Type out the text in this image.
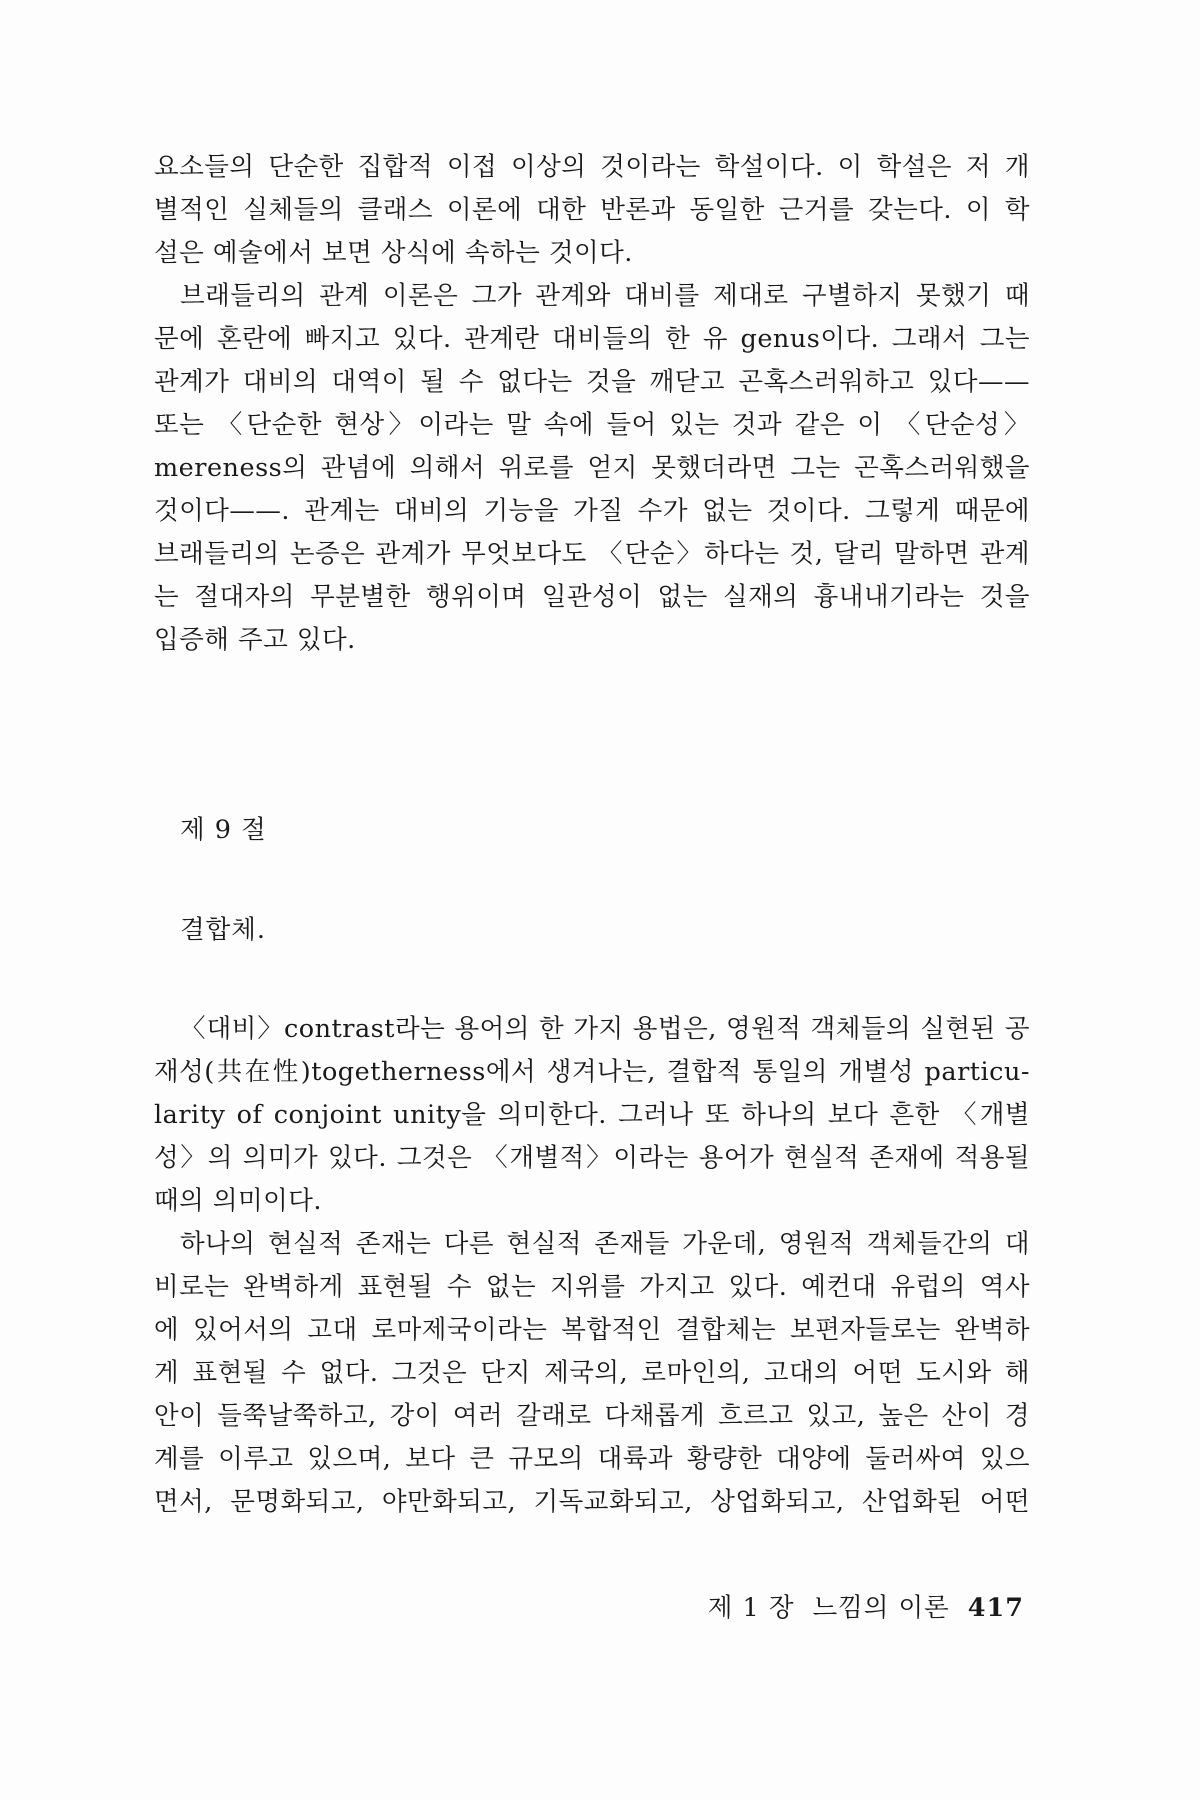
요소들의 단순한 집합적 이접 이상의 것이라는 학설이다. 이 학설은 저 개
별적인 실체들의 클래스 이론에 대한 반론과 동일한 근거를 갖는다. 이 학
설은 예술에서 보면 상식에 속하는 것이다.
브래들리의 관계 이론은 그가 관계와 대비를 제대로 구별하지 못했기 때
문에 혼란에 빠지고 있다. 관계란 대비들의 한 유 genus이다. 그래서 그는
관계가 대비의 대역이 될 수 없다는 것을 깨닫고 곤혹스러워하고 있다——
또는 〈단순한 현상〉이라는 말 속에 들어 있는 것과 같은 이 〈단순성〉
mereness의 관념에 의해서 위로를 얻지 못했더라면 그는 곤혹스러워했을
것이다——. 관계는 대비의 기능을 가질 수가 없는 것이다. 그렇게 때문에
브래들리의 논증은 관계가 무엇보다도 〈단순〉하다는 것, 달리 말하면 관계
는 절대자의 무분별한 행위이며 일관성이 없는 실재의 흉내내기라는 것을
입증해 주고 있다.
제 9 절
결합체.
〈대비〉contrast라는 용어의 한 가지 용법은, 영원적 객체들의 실현된 공
재성(共在性)togetherness에서 생겨나는, 결합적 통일의 개별성 particu-
larity of conjoint unity을 의미한다. 그러나 또 하나의 보다 흔한 〈개별
성〉의 의미가 있다. 그것은 〈개별적〉이라는 용어가 현실적 존재에 적용될
때의 의미이다.
하나의 현실적 존재는 다른 현실적 존재들 가운데, 영원적 객체들간의 대
비로는 완벽하게 표현될 수 없는 지위를 가지고 있다. 예컨대 유럽의 역사
에 있어서의 고대 로마제국이라는 복합적인 결합체는 보편자들로는 완벽하
게 표현될 수 없다. 그것은 단지 제국의, 로마인의, 고대의 어떤 도시와 해
안이 들쭉날쭉하고, 강이 여러 갈래로 다채롭게 흐르고 있고, 높은 산이 경
계를 이루고 있으며, 보다 큰 규모의 대륙과 황량한 대양에 둘러싸여 있으
면서, 문명화되고, 야만화되고, 기독교화되고, 상업화되고, 산업화된 어떤
제 1 장 느낌의 이론 417
